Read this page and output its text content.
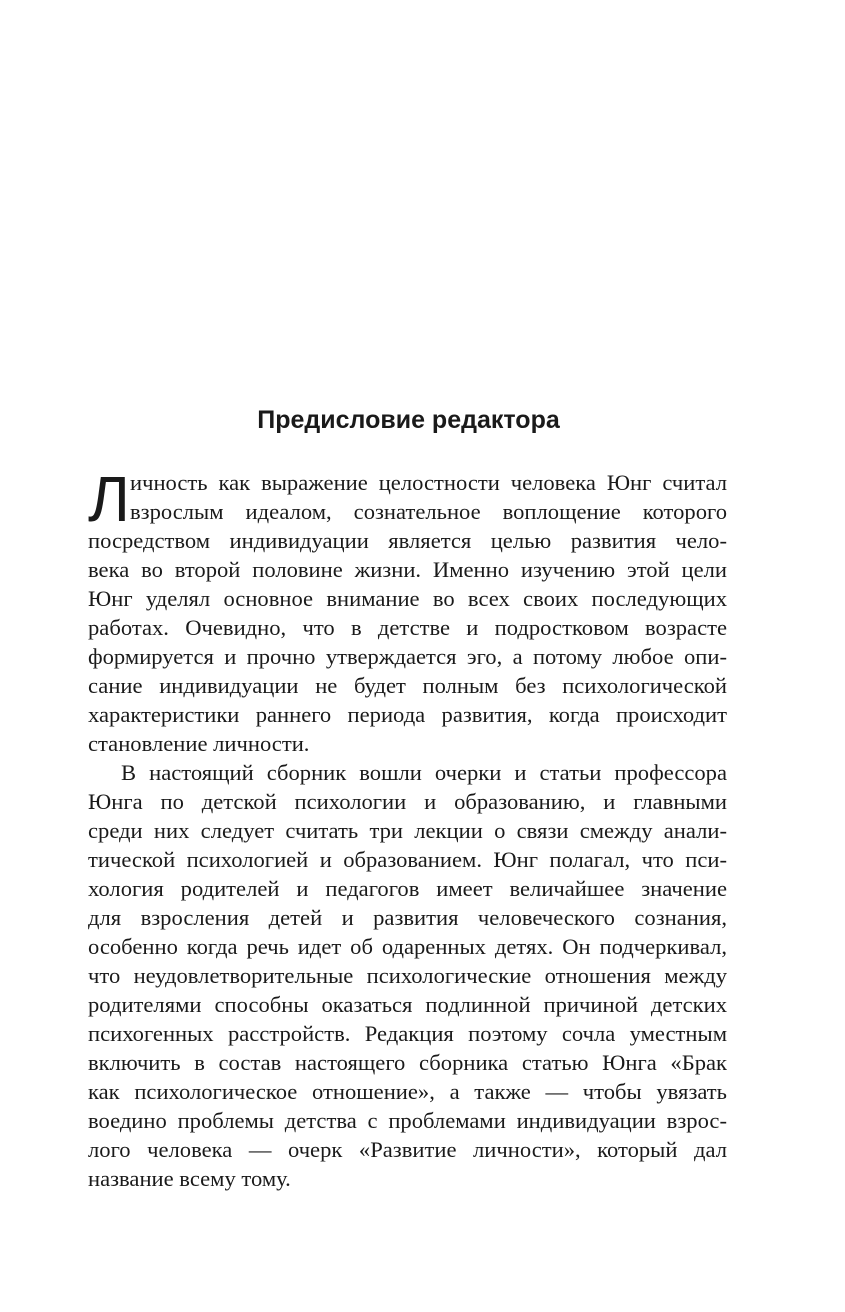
Предисловие редактора
Л ичность как выражение целостности человека Юнг считал
взрослым идеалом, сознательное воплощение которого
посредством индивидуации является целью развития чело-
века во второй половине жизни. Именно изучению этой цели
Юнг уделял основное внимание во всех своих последующих
работах. Очевидно, что в детстве и подростковом возрасте
формируется и прочно утверждается эго, а потому любое опи-
сание индивидуации не будет полным без психологической
характеристики раннего периода развития, когда происходит
становление личности.
В настоящий сборник вошли очерки и статьи профессора
Юнга по детской психологии и образованию, и главными
среди них следует считать три лекции о связи смежду анали-
тической психологией и образованием. Юнг полагал, что пси-
хология родителей и педагогов имеет величайшее значение
для взросления детей и развития человеческого сознания,
особенно когда речь идет об одаренных детях. Он подчеркивал,
что неудовлетворительные психологические отношения между
родителями способны оказаться подлинной причиной детских
психогенных расстройств. Редакция поэтому сочла уместным
включить в состав настоящего сборника статью Юнга «Брак
как психологическое отношение», а также — чтобы увязать
воедино проблемы детства с проблемами индивидуации взрос-
лого человека — очерк «Развитие личности», который дал
название всему тому.
